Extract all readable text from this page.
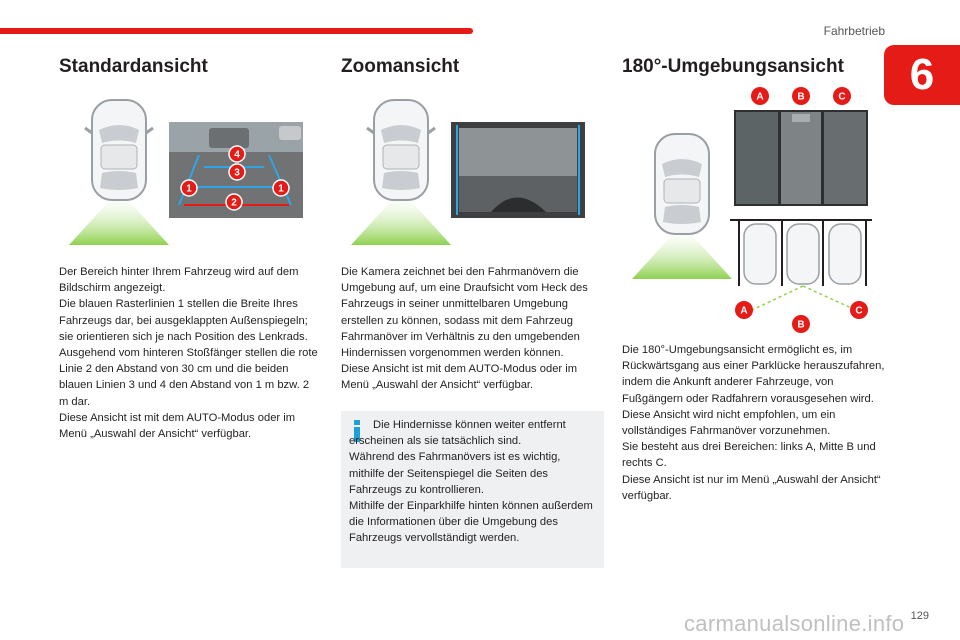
Fahrbetrieb
6
Standardansicht
4
3
1
2
1
Der Bereich hinter Ihrem Fahrzeug wird auf dem Bildschirm angezeigt.
Die blauen Rasterlinien 1 stellen die Breite Ihres Fahrzeugs dar, bei ausgeklappten Außenspiegeln; sie orientieren sich je nach Position des Lenkrads.
Ausgehend vom hinteren Stoßfänger stellen die rote Linie 2 den Abstand von 30 cm und die beiden blauen Linien 3 und 4 den Abstand von 1 m bzw. 2 m dar.
Diese Ansicht ist mit dem AUTO-Modus oder im Menü „Auswahl der Ansicht“ verfügbar.
Zoomansicht
Die Kamera zeichnet bei den Fahrmanövern die Umgebung auf, um eine Draufsicht vom Heck des Fahrzeugs in seiner unmittelbaren Umgebung erstellen zu können, sodass mit dem Fahrzeug Fahrmanöver im Verhältnis zu den umgebenden Hindernissen vorgenommen werden können.
Diese Ansicht ist mit dem AUTO-Modus oder im Menü „Auswahl der Ansicht“ verfügbar.
Die Hindernisse können weiter entfernt erscheinen als sie tatsächlich sind.
Während des Fahrmanövers ist es wichtig, mithilfe der Seitenspiegel die Seiten des Fahrzeugs zu kontrollieren.
Mithilfe der Einparkhilfe hinten können außerdem die Informationen über die Umgebung des Fahrzeugs vervollständigt werden.
180°-Umgebungsansicht
A	B	C
A
B
C
Die 180°-Umgebungsansicht ermöglicht es, im Rückwärtsgang aus einer Parklücke herauszufahren, indem die Ankunft anderer Fahrzeuge, von Fußgängern oder Radfahrern vorausgesehen wird.
Diese Ansicht wird nicht empfohlen, um ein vollständiges Fahrmanöver vorzunehmen.
Sie besteht aus drei Bereichen: links A, Mitte B und rechts C.
Diese Ansicht ist nur im Menü „Auswahl der Ansicht“ verfügbar.
carmanualsonline.info 129
